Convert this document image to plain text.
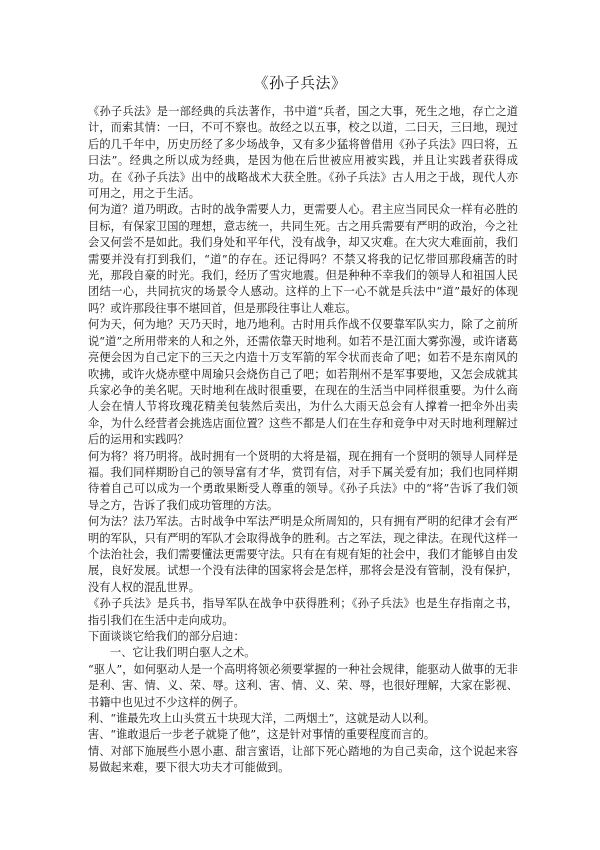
《孙子兵法》

《孙子兵法》是一部经典的兵法著作，书中道“兵者，国之大事，死生之地，存亡之道计，而索其情：一曰，不可不察也。故经之以五事，校之以道，二曰天，三曰地，现过后的几千年中，历史历经了多少场战争，又有多少猛将曾借用《孙子兵法》四曰将，五曰法”。经典之所以成为经典，是因为他在后世被应用被实践，并且让实践者获得成功。在《孙子兵法》出中的战略战术大获全胜。《孙子兵法》古人用之于战，现代人亦可用之，用之于生活。

何为道？道乃明政。古时的战争需要人力，更需要人心。君主应当同民众一样有必胜的目标，有保家卫国的理想，意志统一，共同生死。古之用兵需要有严明的政治，今之社会又何尝不是如此。我们身处和平年代，没有战争，却又灾难。在大灾大难面前，我们需要并没有打到我们，“道”的存在。还记得吗？不禁又将我的记忆带回那段痛苦的时光，那段自豪的时光。我们，经历了雪灾地震。但是种种不幸我们的领导人和祖国人民团结一心，共同抗灾的场景令人感动。这样的上下一心不就是兵法中“道”最好的体现吗？或许那段往事不堪回首，但是那段往事让人难忘。

何为天，何为地？天乃天时，地乃地利。古时用兵作战不仅要靠军队实力，除了之前所说“道”之所用带来的人和之外，还需依靠天时地利。如若不是江面大雾弥漫，或许诸葛亮便会因为自己定下的三天之内造十万支军箭的军令状而丧命了吧；如若不是东南风的吹拂，或许火烧赤壁中周瑜只会烧伤自己了吧；如若荆州不是军事要地，又怎会成就其兵家必争的美名呢。天时地利在战时很重要，在现在的生活当中同样很重要。为什么商人会在情人节将玫瑰花精美包装然后卖出，为什么大雨天总会有人撑着一把伞外出卖伞，为什么经营者会挑选店面位置？这些不都是人们在生存和竞争中对天时地利理解过后的运用和实践吗？

何为将？将乃明将。战时拥有一个贤明的大将是福，现在拥有一个贤明的领导人同样是福。我们同样期盼自己的领导富有才华，赏罚有信，对手下属关爱有加；我们也同样期待着自己可以成为一个勇敢果断受人尊重的领导。《孙子兵法》中的“将”告诉了我们领导之方，告诉了我们成功管理的方法。

何为法？法乃军法。古时战争中军法严明是众所周知的，只有拥有严明的纪律才会有严明的军队，只有严明的军队才会取得战争的胜利。古之军法，现之律法。在现代这样一个法治社会，我们需要懂法更需要守法。只有在有规有矩的社会中，我们才能够自由发展，良好发展。试想一个没有法律的国家将会是怎样，那将会是没有管制，没有保护，没有人权的混乱世界。

《孙子兵法》是兵书，指导军队在战争中获得胜利；《孙子兵法》也是生存指南之书，指引我们在生活中走向成功。

下面谈谈它给我们的部分启迪：

一、它让我们明白驱人之术。

“驱人”，如何驱动人是一个高明将领必须要掌握的一种社会规律，能驱动人做事的无非是利、害、情、义、荣、辱。这利、害、情、义、荣、辱，也很好理解，大家在影视、书籍中也见过不少这样的例子。

利、“谁最先攻上山头赏五十块现大洋，二两烟土”，这就是动人以利。

害、“谁敢退后一步老子就毙了他”，这是针对事情的重要程度而言的。

情、对部下施展些小恩小惠、甜言蜜语，让部下死心踏地的为自己卖命，这个说起来容易做起来难，要下很大功夫才可能做到。
